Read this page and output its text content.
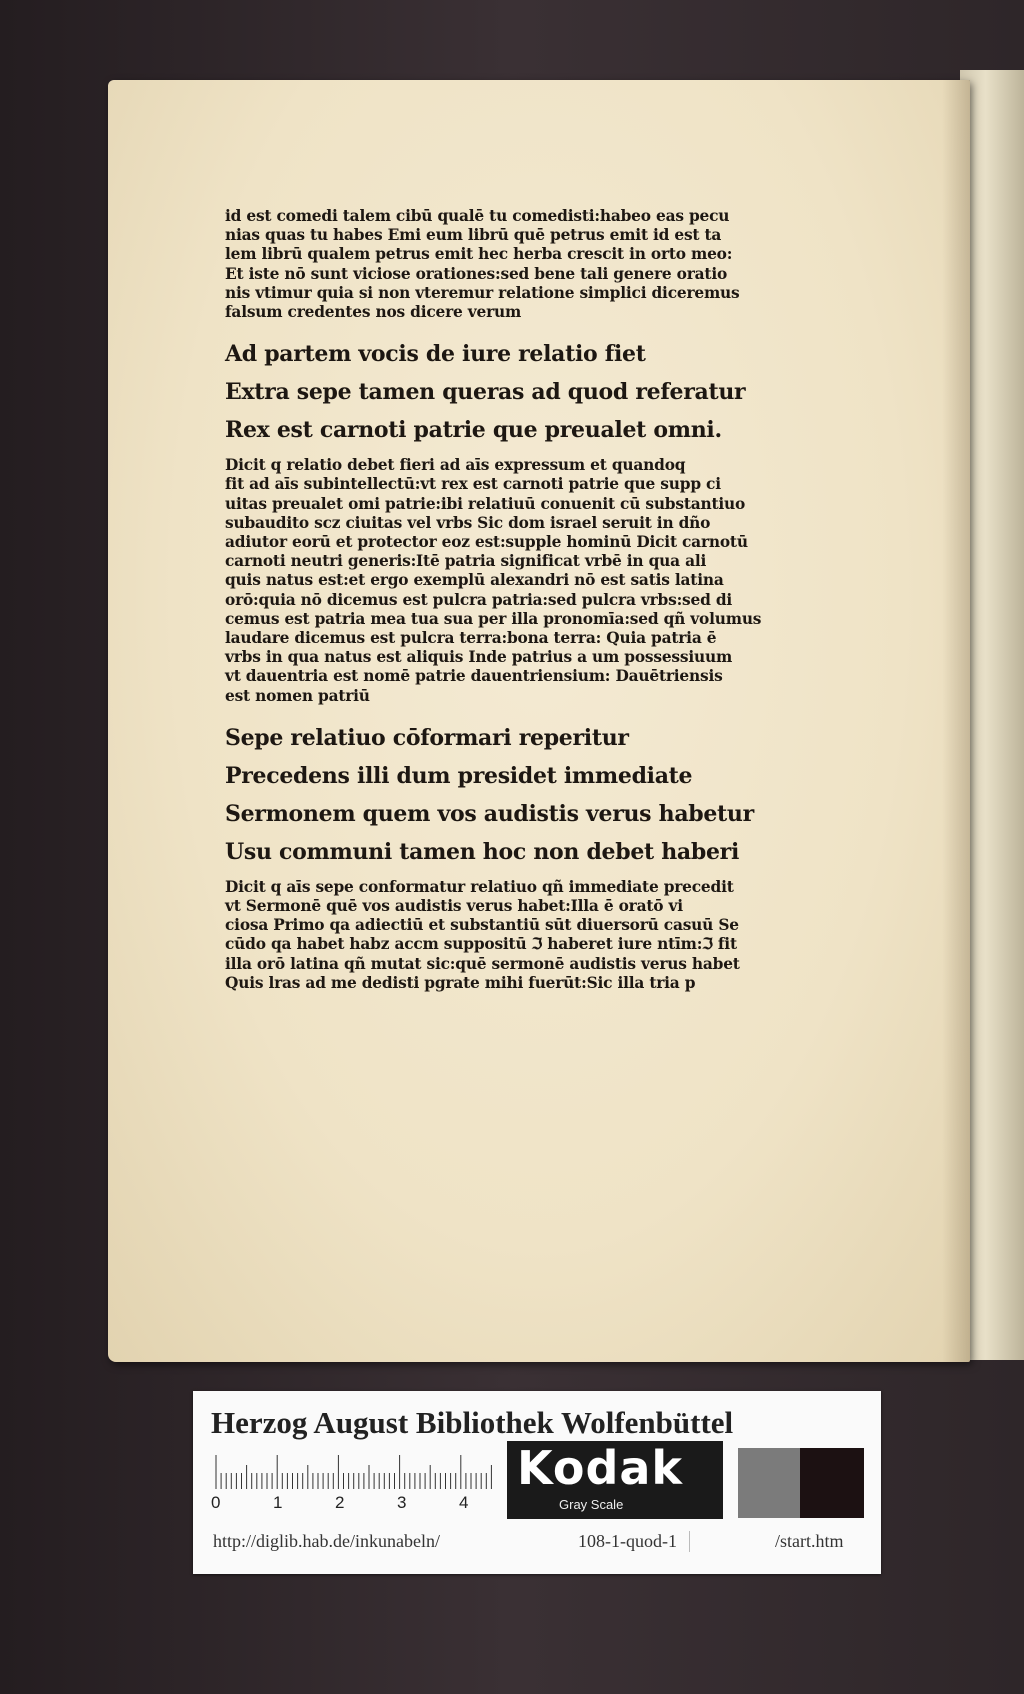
id est comedi talem cibū qualē tu comedisti:habeo eas pecu
nias quas tu habes Emi eum librū quē petrus emit id est ta
lem librū qualem petrus emit hec herba crescit in orto meo:
Et iste nō sunt viciose orationes:sed bene tali genere oratio
nis vtimur quia si non vteremur relatione simplici diceremus
falsum credentes nos dicere verum
Ad partem vocis de iure relatio fiet
Extra sepe tamen queras ad quod referatur
Rex est carnoti patrie que preualet omni.
Dicit q relatio debet fieri ad aīs expressum et quandoq
fit ad aīs subintellectū:vt rex est carnoti patrie que supp ci
uitas preualet omi patrie:ibi relatiuū conuenit cū substantiuo
subaudito scz ciuitas vel vrbs Sic dom israel seruit in dño
adiutor eorū et protector eoz est:supple hominū Dicit carnotū
carnoti neutri generis:Itē patria significat vrbē in qua ali
quis natus est:et ergo exemplū alexandri nō est satis latina
orō:quia nō dicemus est pulcra patria:sed pulcra vrbs:sed di
cemus est patria mea tua sua per illa pronomīa:sed qñ volumus
laudare dicemus est pulcra terra:bona terra: Quia patria ē
vrbs in qua natus est aliquis Inde patrius a um possessiuum
vt dauentria est nomē patrie dauentriensium: Dauētriensis
est nomen patriū
Sepe relatiuo cōformari reperitur
Precedens illi dum presidet immediate
Sermonem quem vos audistis verus habetur
Usu communi tamen hoc non debet haberi
Dicit q aīs sepe conformatur relatiuo qñ immediate precedit
vt Sermonē quē vos audistis verus habet:Illa ē oratō vi
ciosa Primo qa adiectiū et substantiū sūt diuersorū casuū Se
cūdo qa habet habz accm suppositū ℑ haberet iure ntīm:ℑ fit
illa orō latina qñ mutat sic:quē sermonē audistis verus habet
Quis lras ad me dedisti pgrate mihi fuerūt:Sic illa tria p
Herzog August Bibliothek Wolfenbüttel
0	1	2	3	4
Kodak
Gray Scale
http://diglib.hab.de/inkunabeln/	108-1-quod-1	/start.htm
